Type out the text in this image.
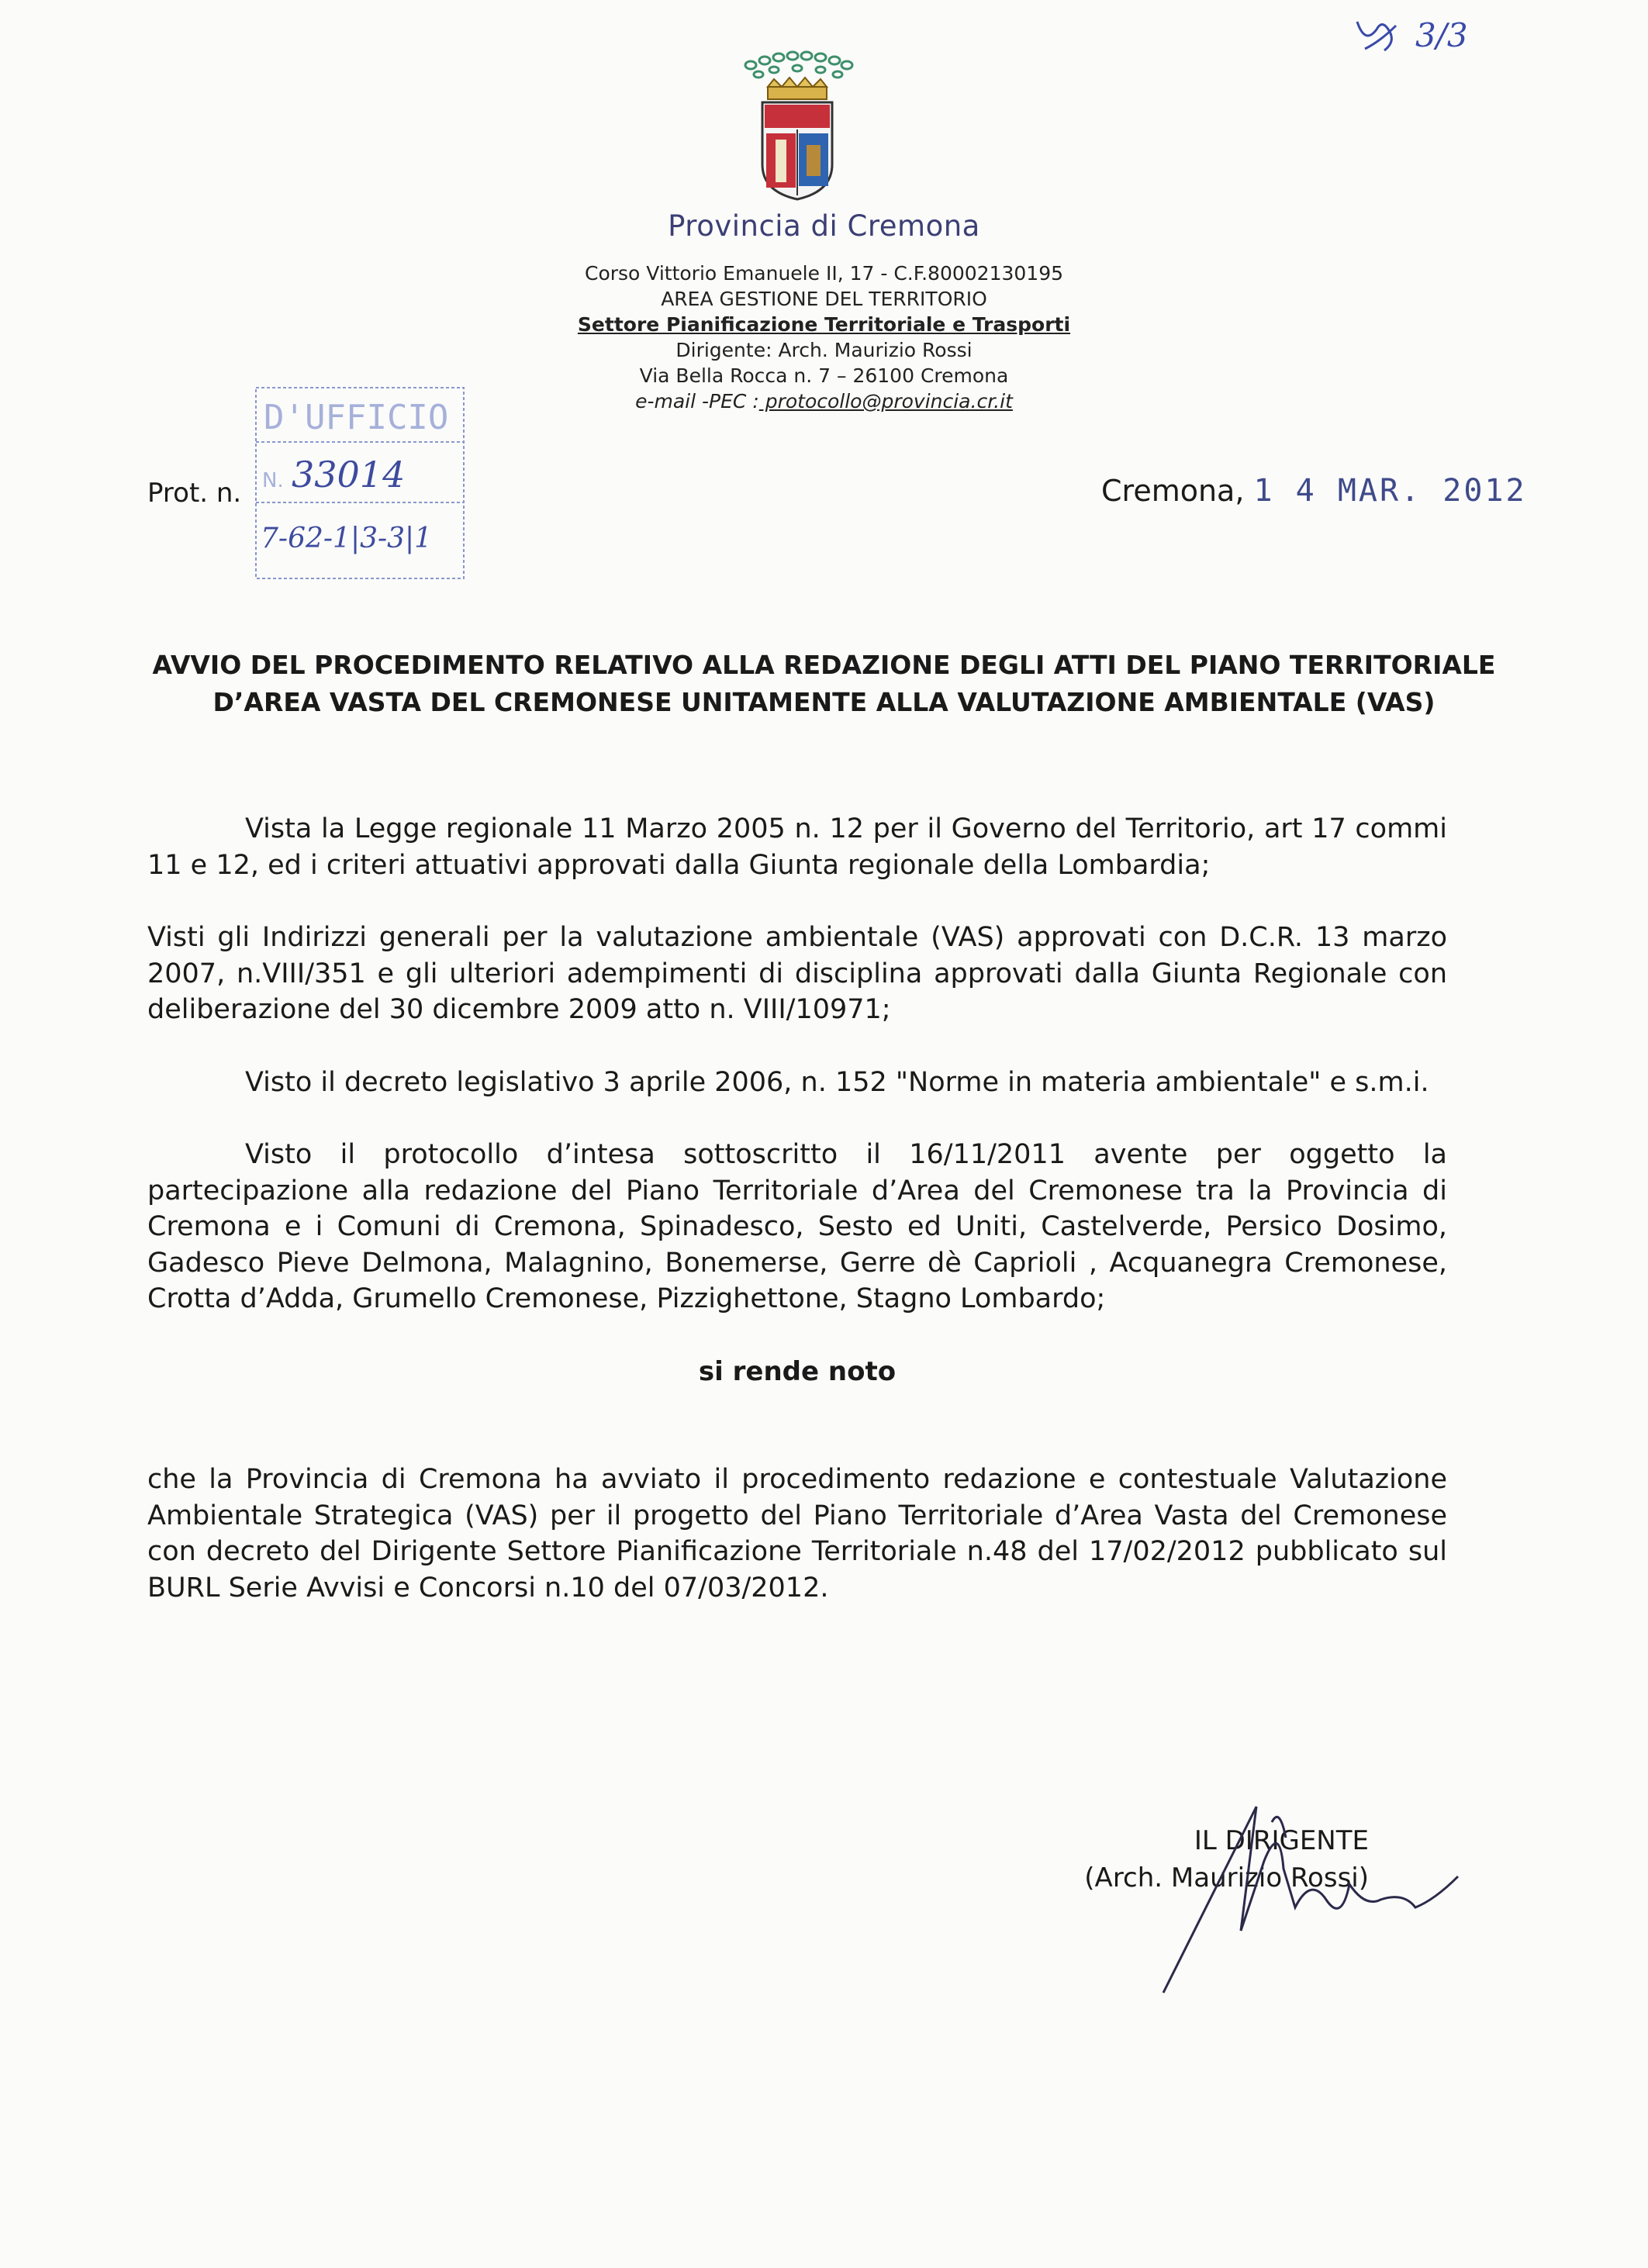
3/3
Provincia di Cremona
Corso Vittorio Emanuele II, 17 - C.F.80002130195
AREA GESTIONE DEL TERRITORIO
Settore Pianificazione Territoriale e Trasporti
Dirigente: Arch. Maurizio Rossi
Via Bella Rocca n. 7 – 26100 Cremona
e-mail -PEC : protocollo@provincia.cr.it
Prot. n.
D'UFFICIO
N. 33014
7-62-1|3-3|1
Cremona, 1 4 MAR. 2012
AVVIO DEL PROCEDIMENTO RELATIVO ALLA REDAZIONE DEGLI ATTI DEL PIANO TERRITORIALE
D’AREA VASTA DEL CREMONESE UNITAMENTE ALLA VALUTAZIONE AMBIENTALE (VAS)

Vista la Legge regionale 11 Marzo 2005 n. 12 per il Governo del Territorio, art 17 commi 11 e 12, ed i criteri attuativi approvati dalla Giunta regionale della Lombardia;

Visti gli Indirizzi generali per la valutazione ambientale (VAS) approvati con D.C.R. 13 marzo 2007, n.VIII/351 e gli ulteriori adempimenti di disciplina approvati dalla Giunta Regionale con deliberazione del 30 dicembre 2009 atto n. VIII/10971;

Visto il decreto legislativo 3 aprile 2006, n. 152 "Norme in materia ambientale" e s.m.i.

Visto il protocollo d’intesa sottoscritto il 16/11/2011 avente per oggetto la partecipazione alla redazione del Piano Territoriale d’Area del Cremonese tra la Provincia di Cremona e i Comuni di Cremona, Spinadesco, Sesto ed Uniti, Castelverde, Persico Dosimo, Gadesco Pieve Delmona, Malagnino, Bonemerse, Gerre dè Caprioli , Acquanegra Cremonese, Crotta d’Adda, Grumello Cremonese, Pizzighettone, Stagno Lombardo;

si rende noto

che la Provincia di Cremona ha avviato il procedimento redazione e contestuale Valutazione Ambientale Strategica (VAS) per il progetto del Piano Territoriale d’Area Vasta del Cremonese con decreto del Dirigente Settore Pianificazione Territoriale n.48 del 17/02/2012 pubblicato sul BURL Serie Avvisi e Concorsi n.10 del 07/03/2012.

IL DIRIGENTE
(Arch. Maurizio Rossi)
